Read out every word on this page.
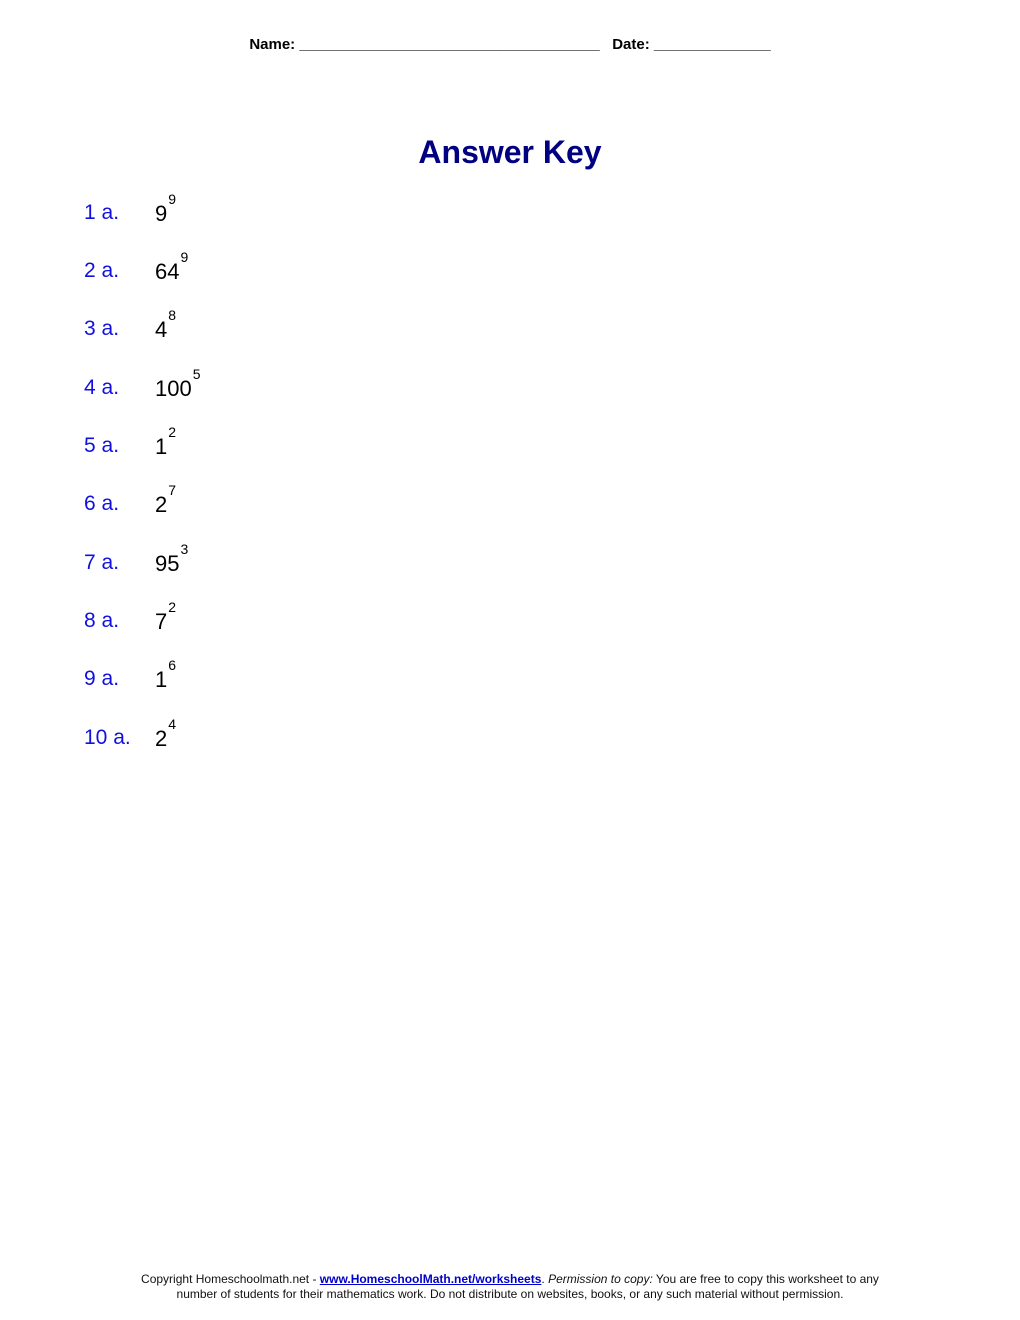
Name: ____________________________________ Date: ______________
Answer Key
1 a. 99
2 a. 649
3 a. 48
4 a. 1005
5 a. 12
6 a. 27
7 a. 953
8 a. 72
9 a. 16
10 a. 24
Copyright Homeschoolmath.net - www.HomeschoolMath.net/worksheets. Permission to copy: You are free to copy this worksheet to any
number of students for their mathematics work. Do not distribute on websites, books, or any such material without permission.
